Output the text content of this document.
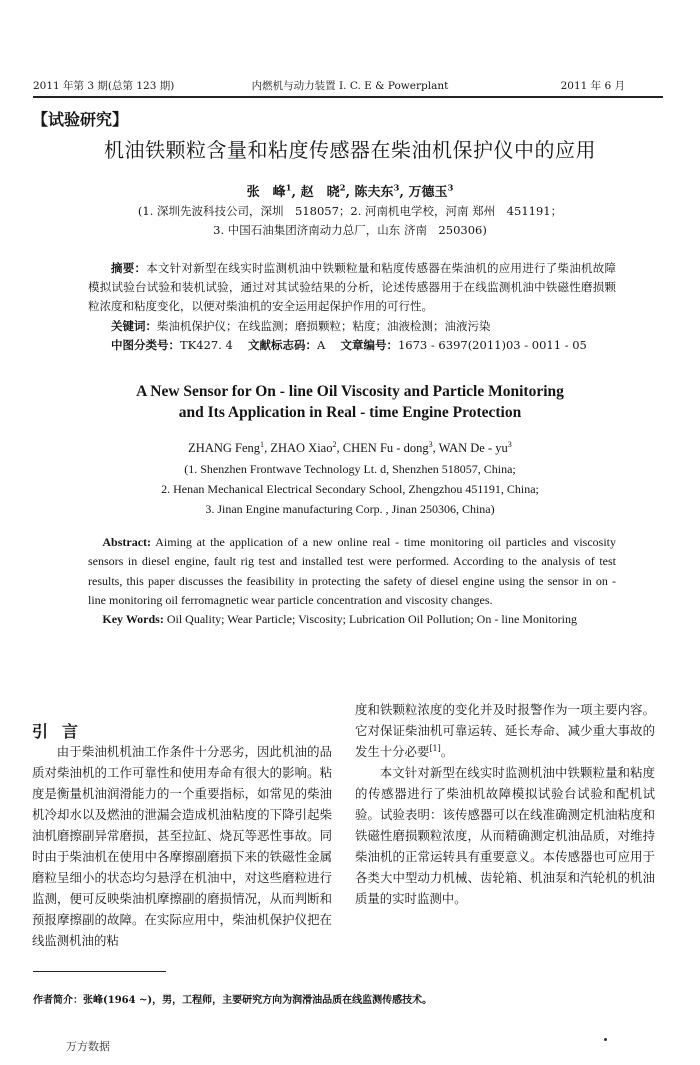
2011 年第 3 期(总第 123 期)	内燃机与动力装置 I. C. E & Powerplant	2011 年 6 月
【试验研究】
机油铁颗粒含量和粘度传感器在柴油机保护仪中的应用
张　峰$^1$, 赵　晓$^2$, 陈夫东$^3$, 万德玉$^3$
(1. 深圳先波科技公司，深圳　518057；2. 河南机电学校，河南 郑州　451191；
3. 中国石油集团济南动力总厂，山东 济南　250306)
摘要：本文针对新型在线实时监测机油中铁颗粒量和粘度传感器在柴油机的应用进行了柴油机故障模拟试验台试验和装机试验，通过对其试验结果的分析，论述传感器用于在线监测机油中铁磁性磨损颗粒浓度和粘度变化，以便对柴油机的安全运用起保护作用的可行性。
关键词：柴油机保护仪；在线监测；磨损颗粒；粘度；油液检测；油液污染
中图分类号：TK427. 4  文献标志码：A  文章编号：1673 - 6397(2011)03 - 0011 - 05
A New Sensor for On - line Oil Viscosity and Particle Monitoring
and Its Application in Real - time Engine Protection
ZHANG Feng$^1$, ZHAO Xiao$^2$, CHEN Fu - dong$^3$, WAN De - $yu^3$
(1. Shenzhen Frontwave Technology Lt. d, Shenzhen 518057, China;
2. Henan Mechanical Electrical Secondary School, Zhengzhou 451191, China;
3. Jinan Engine manufacturing Corp. , Jinan 250306, China)
Abstract: Aiming at the application of a new online real - time monitoring oil particles and viscosity sensors in diesel engine, fault rig test and installed test were performed. According to the analysis of test results, this paper discusses the feasibility in protecting the safety of diesel engine using the sensor in on - line monitoring oil ferromagnetic wear particle concentration and viscosity changes.
Key Words: Oil Quality; Wear Particle; Viscosity; Lubrication Oil Pollution; On - line Monitoring
引言

由于柴油机机油工作条件十分恶劣，因此机油的品质对柴油机的工作可靠性和使用寿命有很大的影响。粘度是衡量机油润滑能力的一个重要指标，如常见的柴油机冷却水以及燃油的泄漏会造成机油粘度的下降引起柴油机磨擦副异常磨损，甚至拉缸、烧瓦等恶性事故。同时由于柴油机在使用中各摩擦副磨损下来的铁磁性金属磨粒呈细小的状态均匀悬浮在机油中，对这些磨粒进行监测，便可反映柴油机摩擦副的磨损情况，从而判断和预报摩擦副的故障。在实际应用中，柴油机保护仪把在线监测机油的粘

度和铁颗粒浓度的变化并及时报警作为一项主要内容。它对保证柴油机可靠运转、延长寿命、减少重大事故的发生十分必要[1]。

本文针对新型在线实时监测机油中铁颗粒量和粘度的传感器进行了柴油机故障模拟试验台试验和配机试验。试验表明：该传感器可以在线准确测定机油粘度和铁磁性磨损颗粒浓度，从而精确测定机油品质，对维持柴油机的正常运转具有重要意义。本传感器也可应用于各类大中型动力机械、齿轮箱、机油泵和汽轮机的机油质量的实时监测中。

作者简介：张峰(1964 ~)，男，工程师，主要研究方向为润滑油品质在线监测传感技术。
万方数据
